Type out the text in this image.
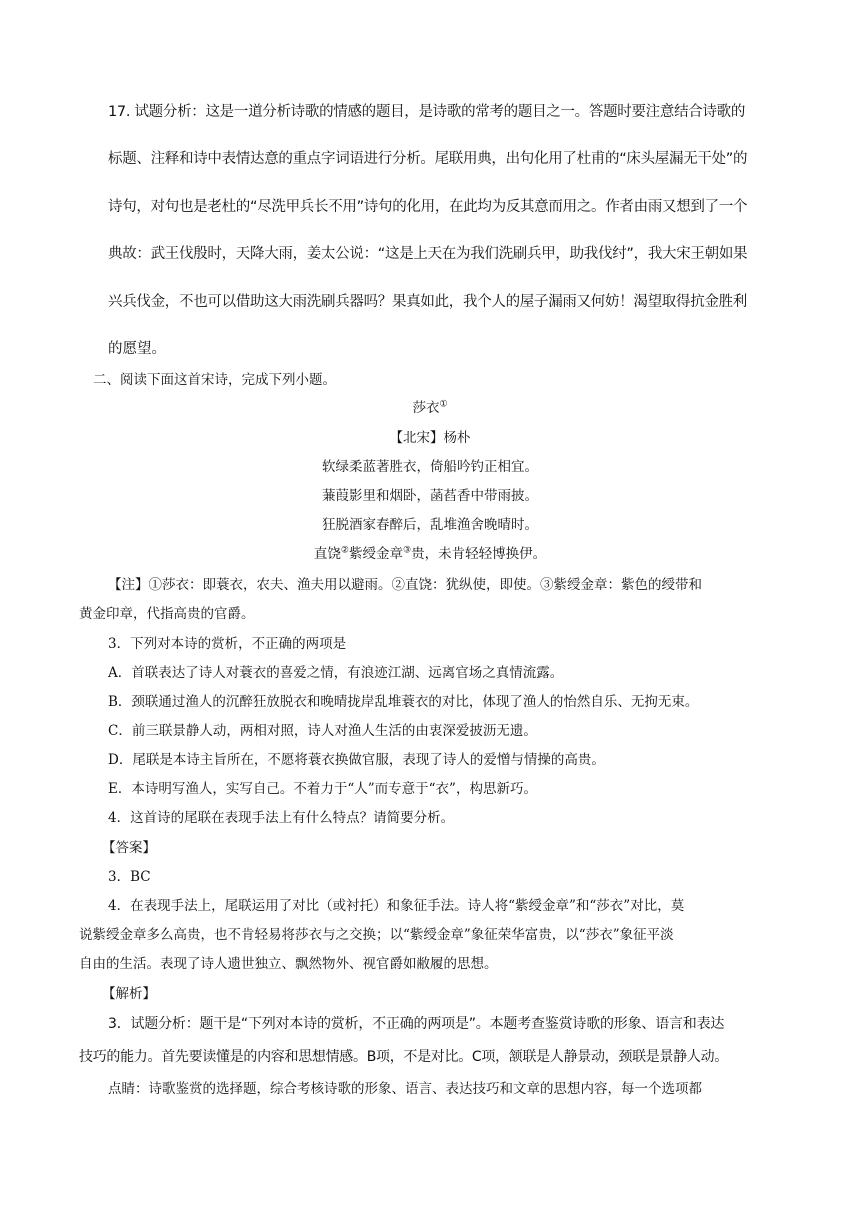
17. 试题分析：这是一道分析诗歌的情感的题目，是诗歌的常考的题目之一。答题时要注意结合诗歌的
标题、注释和诗中表情达意的重点字词语进行分析。尾联用典，出句化用了杜甫的“床头屋漏无干处”的
诗句，对句也是老杜的“尽洗甲兵长不用”诗句的化用，在此均为反其意而用之。作者由雨又想到了一个
典故：武王伐殷时，天降大雨，姜太公说：“这是上天在为我们洗刷兵甲，助我伐纣”，我大宋王朝如果
兴兵伐金，不也可以借助这大雨洗刷兵器吗？果真如此，我个人的屋子漏雨又何妨！渴望取得抗金胜利
的愿望。
二、阅读下面这首宋诗，完成下列小题。
莎衣①
【北宋】杨朴
软绿柔蓝著胜衣，倚船吟钓正相宜。
蒹葭影里和烟卧，菡萏香中带雨披。
狂脱酒家春醉后，乱堆渔舍晚晴时。
直饶②紫绶金章③贵，未肯轻轻博换伊。
【注】①莎衣：即蓑衣，农夫、渔夫用以避雨。②直饶：犹纵使，即使。③紫绶金章：紫色的绶带和
黄金印章，代指高贵的官爵。
3．下列对本诗的赏析，不正确的两项是
A．首联表达了诗人对蓑衣的喜爱之情，有浪迹江湖、远离官场之真情流露。
B．颈联通过渔人的沉醉狂放脱衣和晚晴拢岸乱堆蓑衣的对比，体现了渔人的怡然自乐、无拘无束。
C．前三联景静人动，两相对照，诗人对渔人生活的由衷深爱披沥无遗。
D．尾联是本诗主旨所在，不愿将蓑衣换做官服，表现了诗人的爱憎与情操的高贵。
E．本诗明写渔人，实写自己。不着力于“人”而专意于“衣”，构思新巧。
4．这首诗的尾联在表现手法上有什么特点？请简要分析。
【答案】
3．BC
4．在表现手法上，尾联运用了对比（或衬托）和象征手法。诗人将“紫绶金章”和“莎衣”对比，莫
说紫绶金章多么高贵，也不肯轻易将莎衣与之交换；以“紫绶金章”象征荣华富贵，以“莎衣”象征平淡
自由的生活。表现了诗人遗世独立、飘然物外、视官爵如敝履的思想。
【解析】
3．试题分析：题干是“下列对本诗的赏析，不正确的两项是”。本题考查鉴赏诗歌的形象、语言和表达
技巧的能力。首先要读懂是的内容和思想情感。B项，不是对比。C项，颔联是人静景动，颈联是景静人动。
点睛：诗歌鉴赏的选择题，综合考核诗歌的形象、语言、表达技巧和文章的思想内容，每一个选项都
